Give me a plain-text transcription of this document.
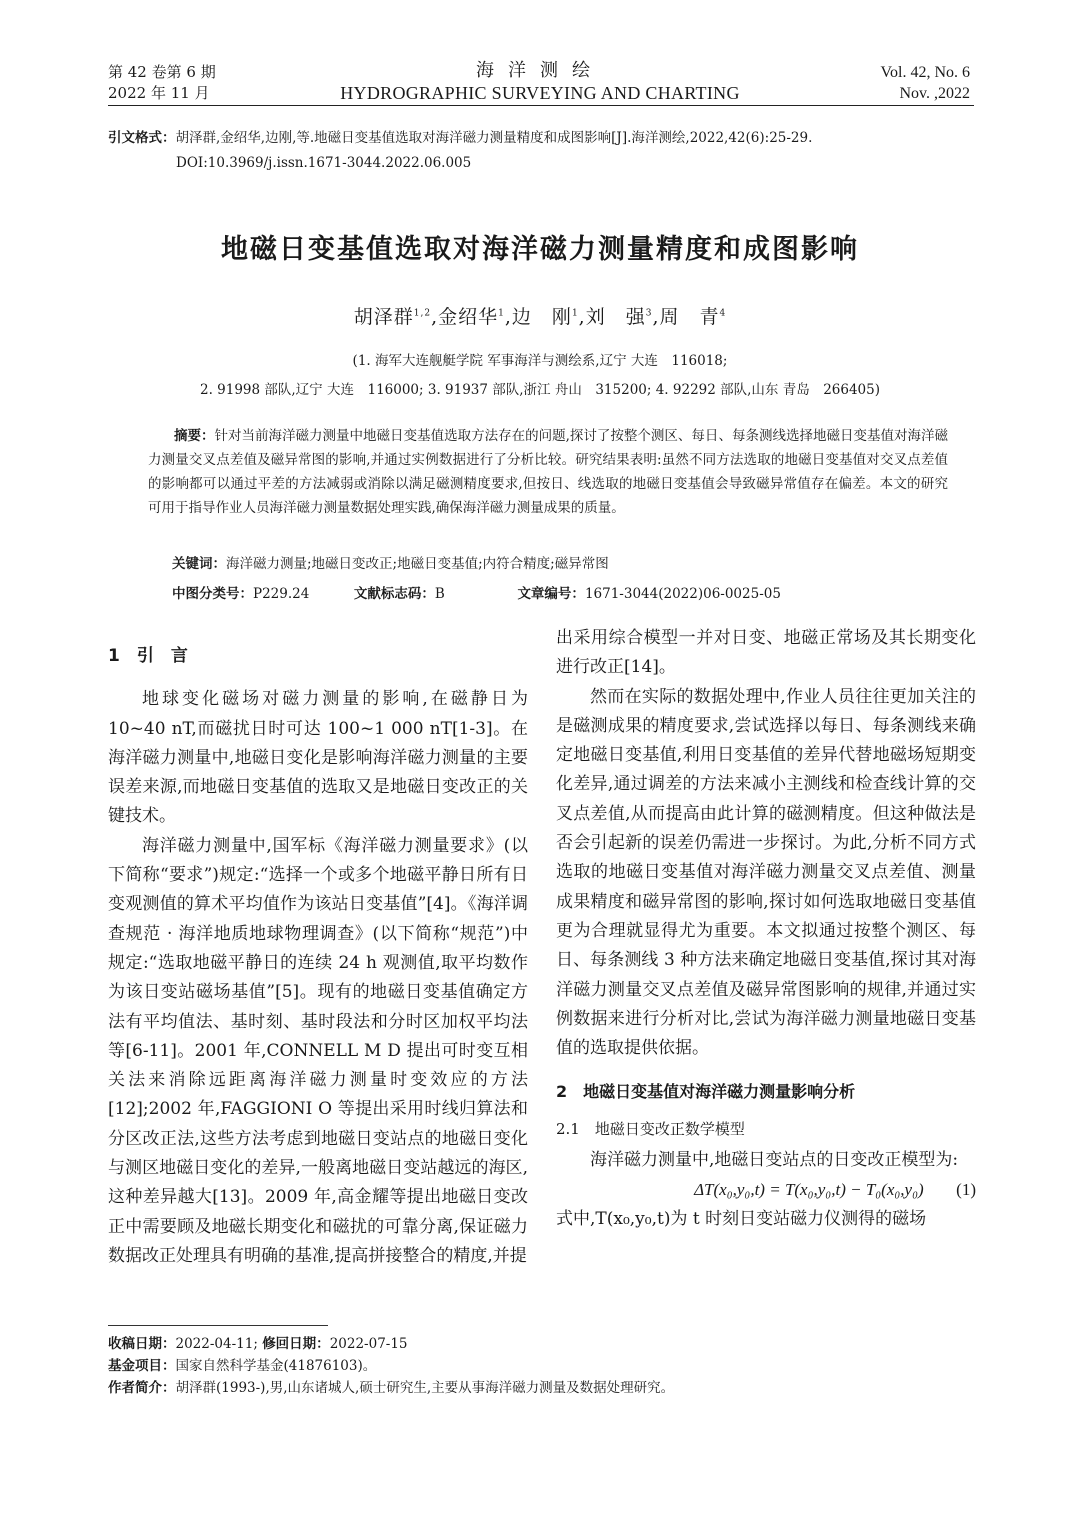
第 42 卷第 6 期
2022 年 11 月
海洋测绘
HYDROGRAPHIC SURVEYING AND CHARTING
Vol. 42, No. 6
Nov. ,2022
引文格式：胡泽群,金绍华,边刚,等.地磁日变基值选取对海洋磁力测量精度和成图影响[J].海洋测绘,2022,42(6):25-29.
DOI:10.3969/j.issn.1671-3044.2022.06.005
地磁日变基值选取对海洋磁力测量精度和成图影响
胡泽群$^{1,2}$,金绍华$^1$,边　刚$^1$,刘　强$^3$,周　青$^4$
(1. 海军大连舰艇学院 军事海洋与测绘系,辽宁 大连　116018;
2. 91998 部队,辽宁 大连　116000; 3. 91937 部队,浙江 舟山　315200; 4. 92292 部队,山东 青岛　266405)
摘要：针对当前海洋磁力测量中地磁日变基值选取方法存在的问题,探讨了按整个测区、每日、每条测线选择地磁日变基值对海洋磁力测量交叉点差值及磁异常图的影响,并通过实例数据进行了分析比较。研究结果表明:虽然不同方法选取的地磁日变基值对交叉点差值的影响都可以通过平差的方法减弱或消除以满足磁测精度要求,但按日、线选取的地磁日变基值会导致磁异常值存在偏差。本文的研究可用于指导作业人员海洋磁力测量数据处理实践,确保海洋磁力测量成果的质量。
关键词：海洋磁力测量;地磁日变改正;地磁日变基值;内符合精度;磁异常图
中图分类号：P229.24	文献标志码：B	文章编号：1671-3044(2022)06-0025-05
1　引　言

地球变化磁场对磁力测量的影响,在磁静日为 10~40 nT,而磁扰日时可达 100~1 000 nT[1-3]。在海洋磁力测量中,地磁日变化是影响海洋磁力测量的主要误差来源,而地磁日变基值的选取又是地磁日变改正的关键技术。

海洋磁力测量中,国军标《海洋磁力测量要求》(以下简称“要求”)规定:“选择一个或多个地磁平静日所有日变观测值的算术平均值作为该站日变基值”[4]。《海洋调查规范 · 海洋地质地球物理调查》(以下简称“规范”)中规定:“选取地磁平静日的连续 24 h 观测值,取平均数作为该日变站磁场基值”[5]。现有的地磁日变基值确定方法有平均值法、基时刻、基时段法和分时区加权平均法等[6-11]。2001 年,CONNELL M D 提出可时变互相关法来消除远距离海洋磁力测量时变效应的方法[12];2002 年,FAGGIONI O 等提出采用时线归算法和分区改正法,这些方法考虑到地磁日变站点的地磁日变化与测区地磁日变化的差异,一般离地磁日变站越远的海区,这种差异越大[13]。2009 年,高金耀等提出地磁日变改正中需要顾及地磁长期变化和磁扰的可靠分离,保证磁力数据改正处理具有明确的基准,提高拼接整合的精度,并提

出采用综合模型一并对日变、地磁正常场及其长期变化进行改正[14]。

然而在实际的数据处理中,作业人员往往更加关注的是磁测成果的精度要求,尝试选择以每日、每条测线来确定地磁日变基值,利用日变基值的差异代替地磁场短期变化差异,通过调差的方法来减小主测线和检查线计算的交叉点差值,从而提高由此计算的磁测精度。但这种做法是否会引起新的误差仍需进一步探讨。为此,分析不同方式选取的地磁日变基值对海洋磁力测量交叉点差值、测量成果精度和磁异常图的影响,探讨如何选取地磁日变基值更为合理就显得尤为重要。本文拟通过按整个测区、每日、每条测线 3 种方法来确定地磁日变基值,探讨其对海洋磁力测量交叉点差值及磁异常图影响的规律,并通过实例数据来进行分析对比,尝试为海洋磁力测量地磁日变基值的选取提供依据。

2　地磁日变基值对海洋磁力测量影响分析
2.1　地磁日变改正数学模型

海洋磁力测量中,地磁日变站点的日变改正模型为:

ΔT(x₀,y₀,t) = T(x₀,y₀,t) − T₀(x₀,y₀) (1)

式中,T(x₀,y₀,t)为 t 时刻日变站磁力仪测得的磁场

收稿日期：2022-04-11; 修回日期：2022-07-15
基金项目：国家自然科学基金(41876103)。
作者简介：胡泽群(1993-),男,山东诸城人,硕士研究生,主要从事海洋磁力测量及数据处理研究。
